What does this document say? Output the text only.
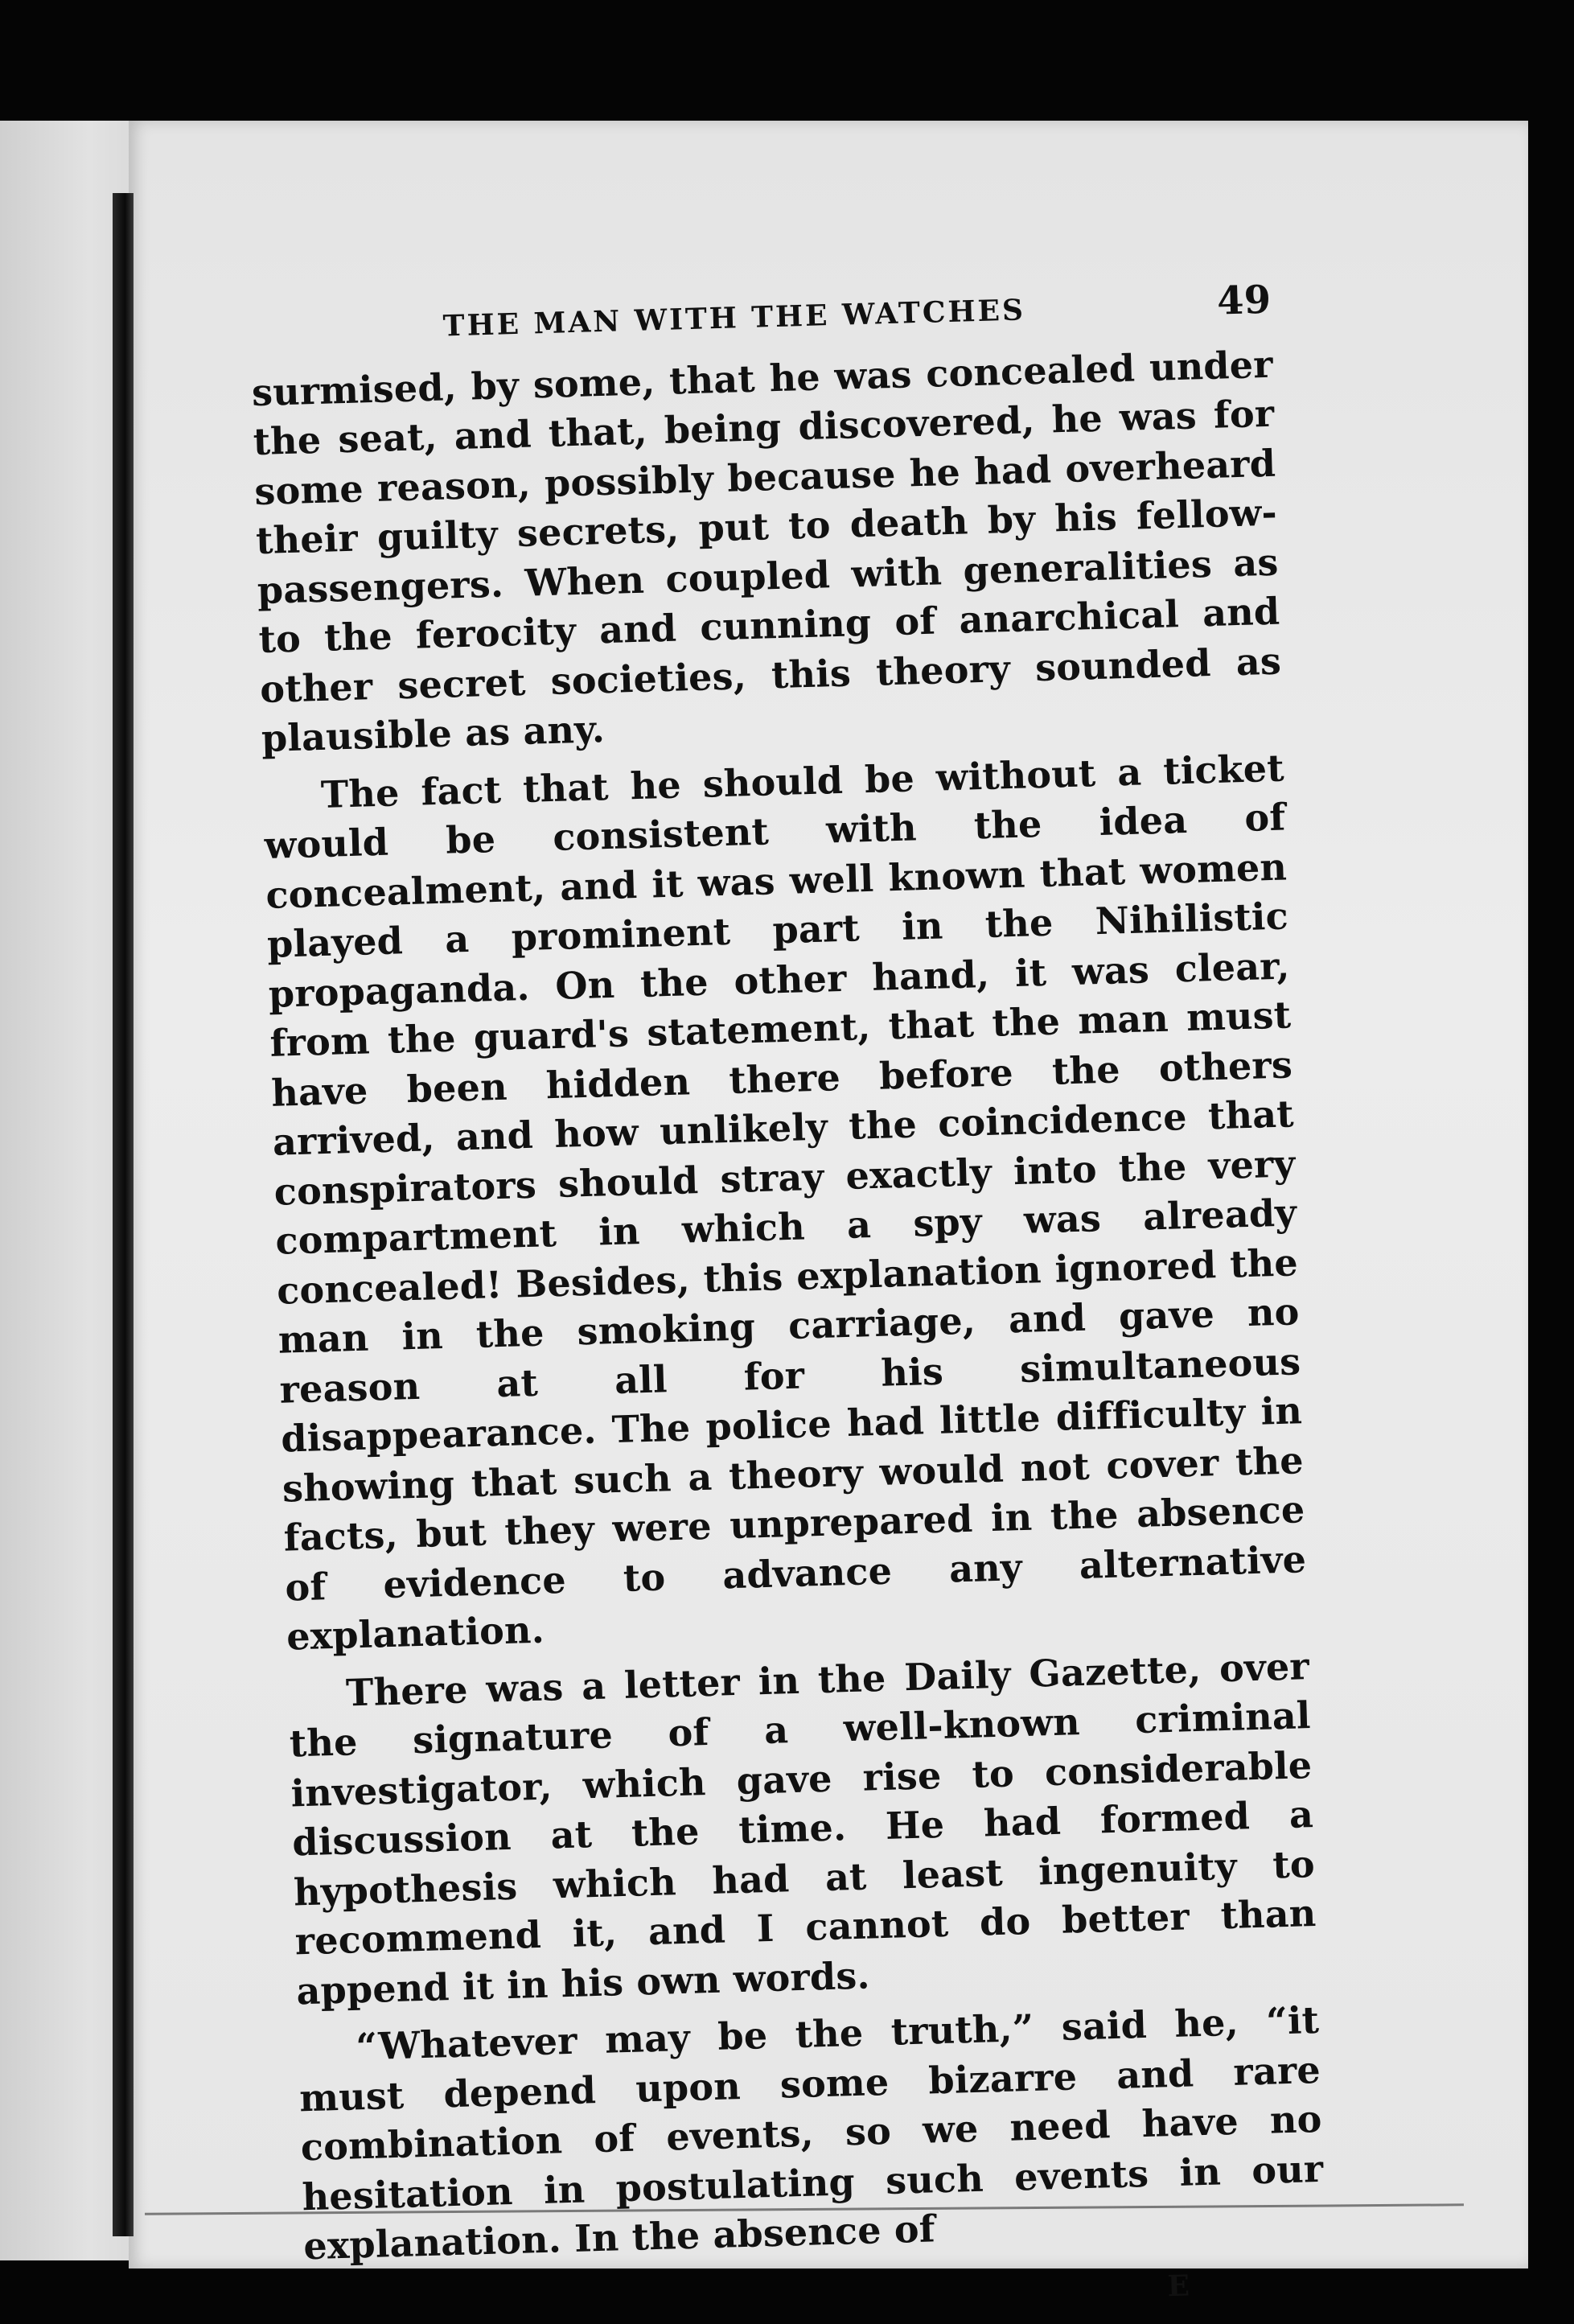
THE MAN WITH THE WATCHES	49

surmised, by some, that he was concealed under the seat, and that, being discovered, he was for some reason, possibly because he had overheard their guilty secrets, put to death by his fellow-passengers. When coupled with generalities as to the ferocity and cunning of anarchical and other secret societies, this theory sounded as plausible as any.

The fact that he should be without a ticket would be consistent with the idea of concealment, and it was well known that women played a prominent part in the Nihilistic propaganda. On the other hand, it was clear, from the guard's statement, that the man must have been hidden there before the others arrived, and how unlikely the coincidence that conspirators should stray exactly into the very compartment in which a spy was already concealed! Besides, this explanation ignored the man in the smoking carriage, and gave no reason at all for his simultaneous disappearance. The police had little difficulty in showing that such a theory would not cover the facts, but they were unprepared in the absence of evidence to advance any alternative explanation.

There was a letter in the Daily Gazette, over the signature of a well-known criminal investigator, which gave rise to considerable discussion at the time. He had formed a hypothesis which had at least ingenuity to recommend it, and I cannot do better than append it in his own words.

“Whatever may be the truth,” said he, “it must depend upon some bizarre and rare combination of events, so we need have no hesitation in postulating such events in our explanation. In the absence of

E
